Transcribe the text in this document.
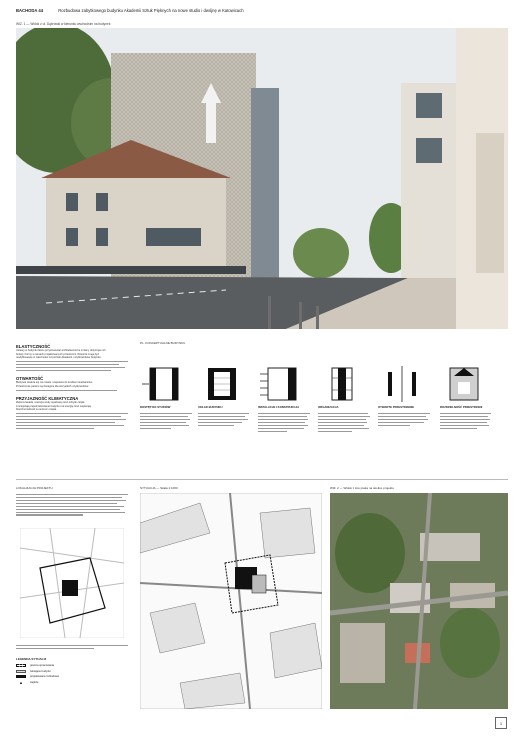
BACHODA 44	Rozbudowa zabytkowego budynku Akademii Sztuk Pięknych na nowe studio i dwójnę w Katowicach
WIZ. 1 — Widok z ul. Dąbrówki w kierunku wschodnim na budynek
ELASTYCZNOŚĆ
Ustawy w budynku łatwo przystosować architektoniczne zmiany dotyczące ich
funkcji i formy w ramach projektowanych przestrzeni. Wnętrza mogą być
modyfikowane w zależności od potrzeb Akademii i użytkowników budynku.
OTWARTOŚĆ
Budynek otwiera się na miasto i zaprasza do środka mieszkańców.
Przestrzenie parteru są dostępne dla wszystkich użytkowników.
PRZYJAZNOŚĆ KLIMATYCZNA
Zielona fasada, retencja wody opadowej oraz odzysk ciepła
zmniejszają zapotrzebowanie budynku na energię oraz wspierają
bioróżnorodność w centrum miasta.
PL. KONCEPTUALNE BUDYNKU
DOSTĘP DO STUDIÓW	UKŁAD BUDYNKU	INSTALACJE I KONSTRUKCJA	ORGANIZACJA	OTWARTE PRZESTRZENIE	ROZDZIELNOŚĆ PRZESTRZENI
LOKALIZACJA PROJEKTU
LEGENDA SYTUACJI
granica opracowania
istniejące budynki
projektowana rozbudowa
▲	wejście
SYTUACJA — Skala 1:1000	WIZ. 2 — Widok z lotu ptaka na okolice projektu
1
